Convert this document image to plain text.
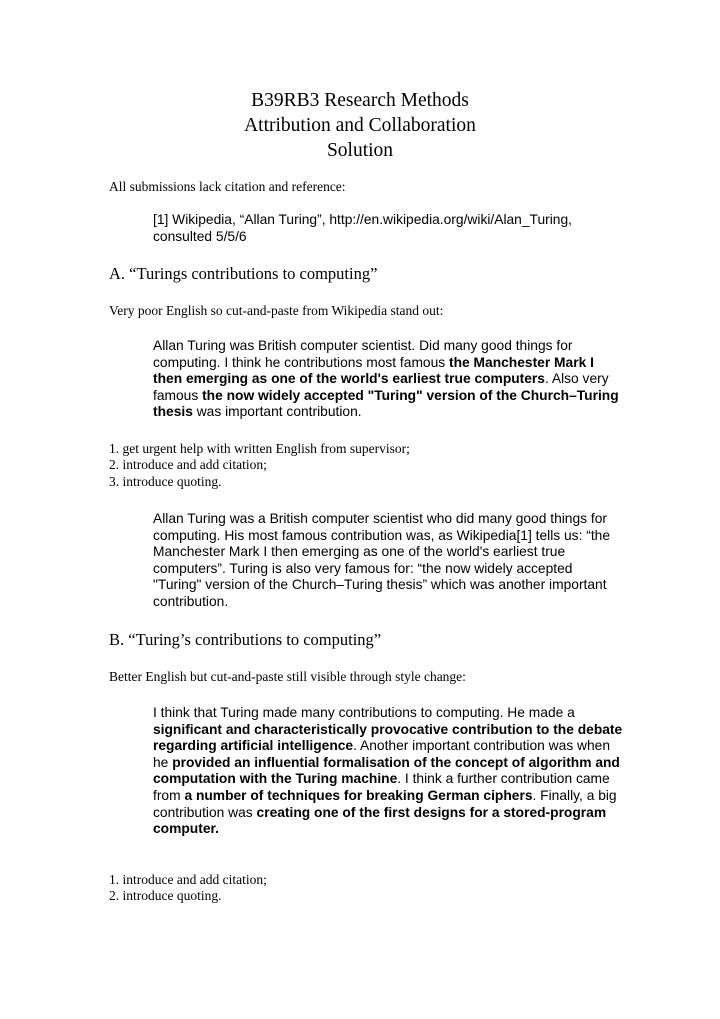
B39RB3 Research Methods
Attribution and Collaboration
Solution
All submissions lack citation and reference:
[1] Wikipedia, “Allan Turing”, http://en.wikipedia.org/wiki/Alan_Turing,
consulted 5/5/6
A. “Turings contributions to computing”
Very poor English so cut-and-paste from Wikipedia stand out:
Allan Turing was British computer scientist. Did many good things for computing. I think he contributions most famous the Manchester Mark I then emerging as one of the world's earliest true computers. Also very famous the now widely accepted "Turing" version of the Church–Turing thesis was important contribution.
1. get urgent help with written English from supervisor;
2. introduce and add citation;
3. introduce quoting.
Allan Turing was a British computer scientist who did many good things for computing. His most famous contribution was, as Wikipedia[1] tells us: “the Manchester Mark I then emerging as one of the world's earliest true computers”. Turing is also very famous for: “the now widely accepted "Turing" version of the Church–Turing thesis” which was another important contribution.
B. “Turing’s contributions to computing”
Better English but cut-and-paste still visible through style change:
I think that Turing made many contributions to computing. He made a significant and characteristically provocative contribution to the debate regarding artificial intelligence. Another important contribution was when he provided an influential formalisation of the concept of algorithm and computation with the Turing machine. I think a further contribution came from a number of techniques for breaking German ciphers. Finally, a big contribution was creating one of the first designs for a stored-program computer.
1. introduce and add citation;
2. introduce quoting.
